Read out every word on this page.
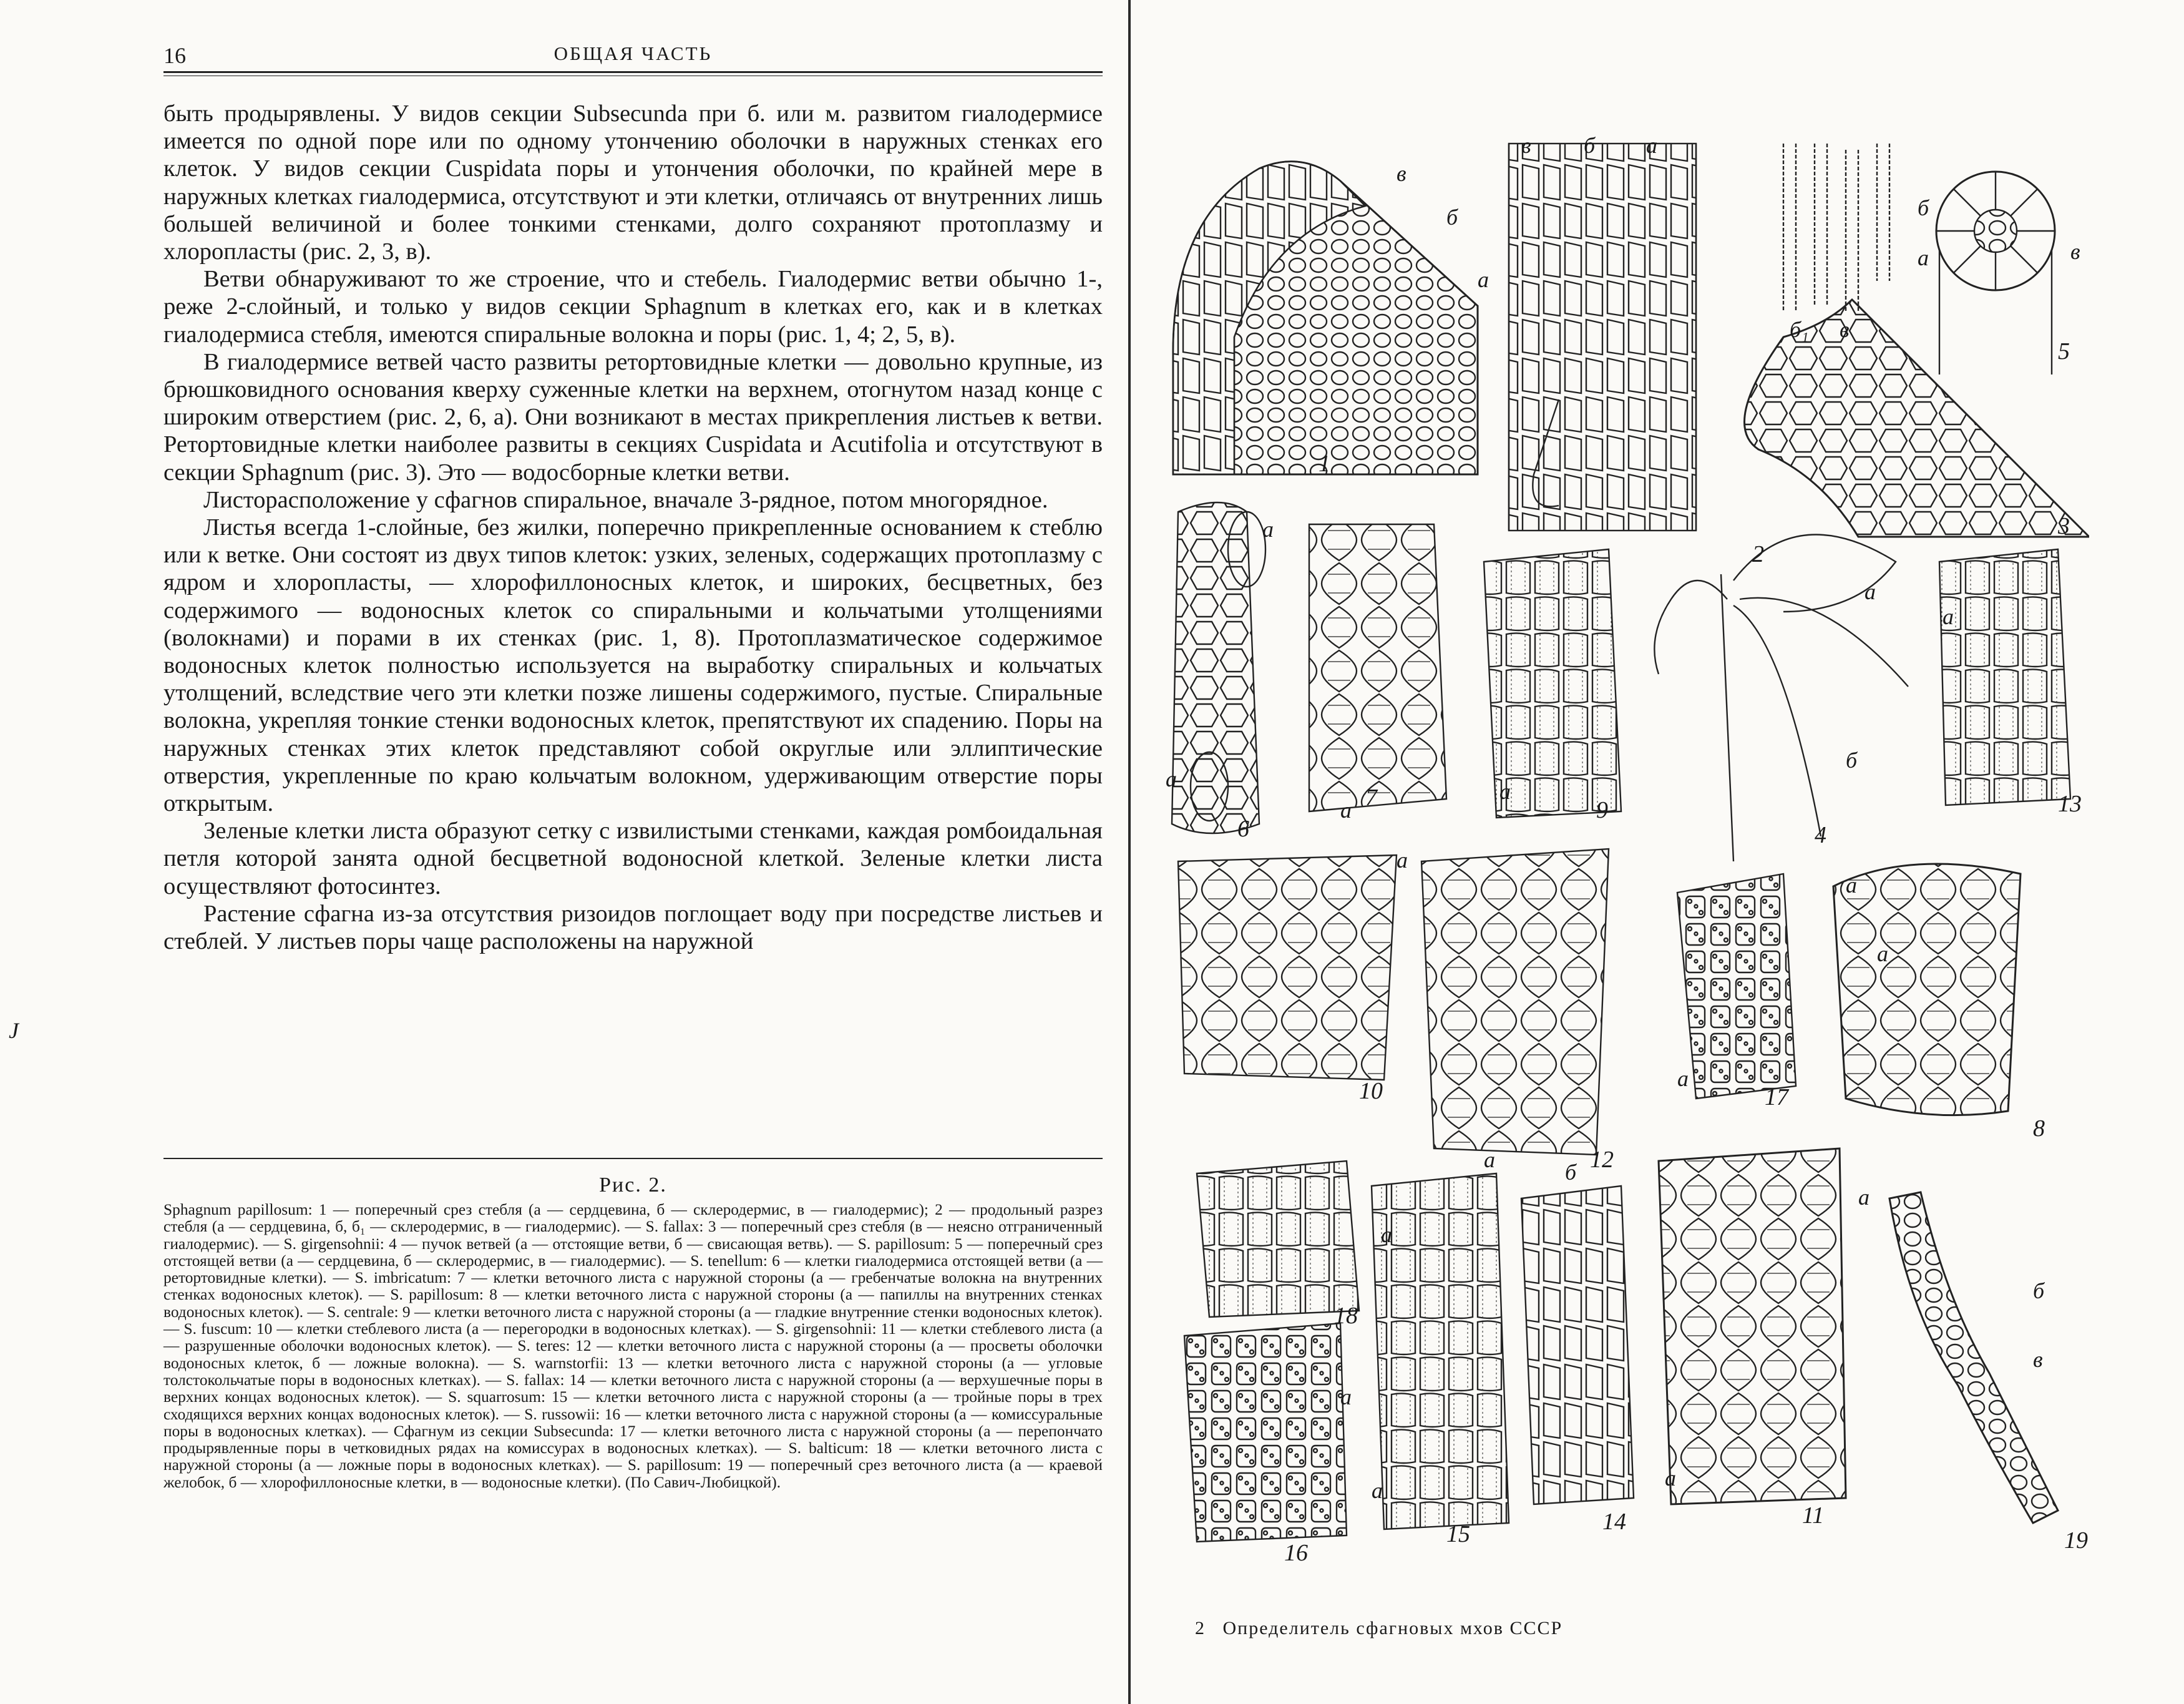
16	ОБЩАЯ ЧАСТЬ

быть продырявлены. У видов секции Subsecunda при б. или м. развитом гиалодермисе имеется по одной поре или по одному утончению оболочки в наружных стенках его клеток. У видов секции Cuspidata поры и утончения оболочки, по крайней мере в наружных клетках гиалодермиса, отсутствуют и эти клетки, отличаясь от внутренних лишь большей величиной и более тонкими стенками, долго сохраняют протоплазму и хлоропласты (рис. 2, 3, в).

Ветви обнаруживают то же строение, что и стебель. Гиалодермис ветви обычно 1-, реже 2-слойный, и только у видов секции Sphagnum в клетках его, как и в клетках гиалодермиса стебля, имеются спиральные волокна и поры (рис. 1, 4; 2, 5, в).

В гиалодермисе ветвей часто развиты ретортовидные клетки — довольно крупные, из брюшковидного основания кверху суженные клетки на верхнем, отогнутом назад конце с широким отверстием (рис. 2, 6, а). Они возникают в местах прикрепления листьев к ветви. Ретортовидные клетки наиболее развиты в секциях Cuspidata и Acutifolia и отсутствуют в секции Sphagnum (рис. 3). Это — водосборные клетки ветви.

Листорасположение у сфагнов спиральное, вначале 3-рядное, потом многорядное.

Листья всегда 1-слойные, без жилки, поперечно прикрепленные основанием к стеблю или к ветке. Они состоят из двух типов клеток: узких, зеленых, содержащих протоплазму с ядром и хлоропласты, — хлорофиллоносных клеток, и широких, бесцветных, без содержимого — водоносных клеток со спиральными и кольчатыми утолщениями (волокнами) и порами в их стенках (рис. 1, 8). Протоплазматическое содержимое водоносных клеток полностью используется на выработку спиральных и кольчатых утолщений, вследствие чего эти клетки позже лишены содержимого, пустые. Спиральные волокна, укрепляя тонкие стенки водоносных клеток, препятствуют их спадению. Поры на наружных стенках этих клеток представляют собой округлые или эллиптические отверстия, укрепленные по краю кольчатым волокном, удерживающим отверстие поры открытым.

Зеленые клетки листа образуют сетку с извилистыми стенками, каждая ромбоидальная петля которой занята одной бесцветной водоносной клеткой. Зеленые клетки листа осуществляют фотосинтез.

Растение сфагна из-за отсутствия ризоидов поглощает воду при посредстве листьев и стеблей. У листьев поры чаще расположены на наружной

Рис. 2.
Sphagnum papillosum: 1 — поперечный срез стебля (а — сердцевина, б — склеродермис, в — гиалодермис); 2 — продольный разрез стебля (а — сердцевина, б, б₁ — склеродермис, в — гиалодермис). — S. fallax: 3 — поперечный срез стебля (в — неясно отграниченный гиалодермис). — S. girgensohnii: 4 — пучок ветвей (а — отстоящие ветви, б — свисающая ветвь). — S. papillosum: 5 — поперечный срез отстоящей ветви (а — сердцевина, б — склеродермис, в — гиалодермис). — S. tenellum: 6 — клетки гиалодермиса отстоящей ветви (а — ретортовидные клетки). — S. imbricatum: 7 — клетки веточного листа с наружной стороны (а — гребенчатые волокна на внутренних стенках водоносных клеток). — S. papillosum: 8 — клетки веточного листа с наружной стороны (а — папиллы на внутренних стенках водоносных клеток). — S. centrale: 9 — клетки веточного листа с наружной стороны (а — гладкие внутренние стенки водоносных клеток). — S. fuscum: 10 — клетки стеблевого листа (а — перегородки в водоносных клетках). — S. girgensohnii: 11 — клетки стеблевого листа (а — разрушенные оболочки водоносных клеток). — S. teres: 12 — клетки веточного листа с наружной стороны (а — просветы оболочки водоносных клеток, б — ложные волокна). — S. warnstorfii: 13 — клетки веточного листа с наружной стороны (а — угловые толстокольчатые поры в водоносных клетках). — S. fallax: 14 — клетки веточного листа с наружной стороны (а — верхушечные поры в верхних концах водоносных клеток). — S. squarrosum: 15 — клетки веточного листа с наружной стороны (а — тройные поры в трех сходящихся верхних концах водоносных клеток). — S. russowii: 16 — клетки веточного листа с наружной стороны (а — комиссуральные поры в водоносных клетках). — Сфагнум из секции Subsecunda: 17 — клетки веточного листа с наружной стороны (а — перепончато продырявленные поры в четковидных рядах на комиссурах в водоносных клетках). — S. balticum: 18 — клетки веточного листа с наружной стороны (а — ложные поры в водоносных клетках). — S. papillosum: 19 — поперечный срез веточного листа (а — краевой желобок, б — хлорофиллоносные клетки, в — водоносные клетки). (По Савич-Любицкой).
J
1
2
3
4
5
6
7
8
9
10
11
12
13
14
15
16
17
18
19
в
б
а
в б а
б₁
б
а	в
в
а
а
а
а
а
б
а
а
а
а
а	б
а
а
а
б
в
а
а
а
2 Определитель сфагновых мхов СССР
